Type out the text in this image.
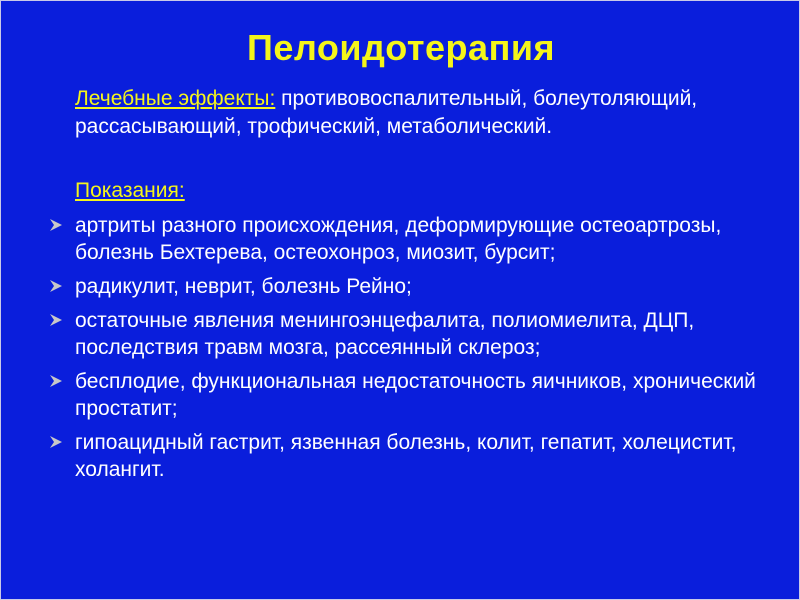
Пелоидотерапия
Лечебные эффекты: противовоспалительный, болеутоляющий, рассасывающий, трофический, метаболический.
Показания:
артриты разного происхождения, деформирующие остеоартрозы, болезнь Бехтерева, остеохонроз, миозит, бурсит;
радикулит, неврит, болезнь Рейно;
остаточные явления менингоэнцефалита, полиомиелита, ДЦП, последствия травм мозга, рассеянный склероз;
бесплодие, функциональная недостаточность яичников, хронический простатит;
гипоацидный гастрит, язвенная болезнь, колит, гепатит, холецистит, холангит.
